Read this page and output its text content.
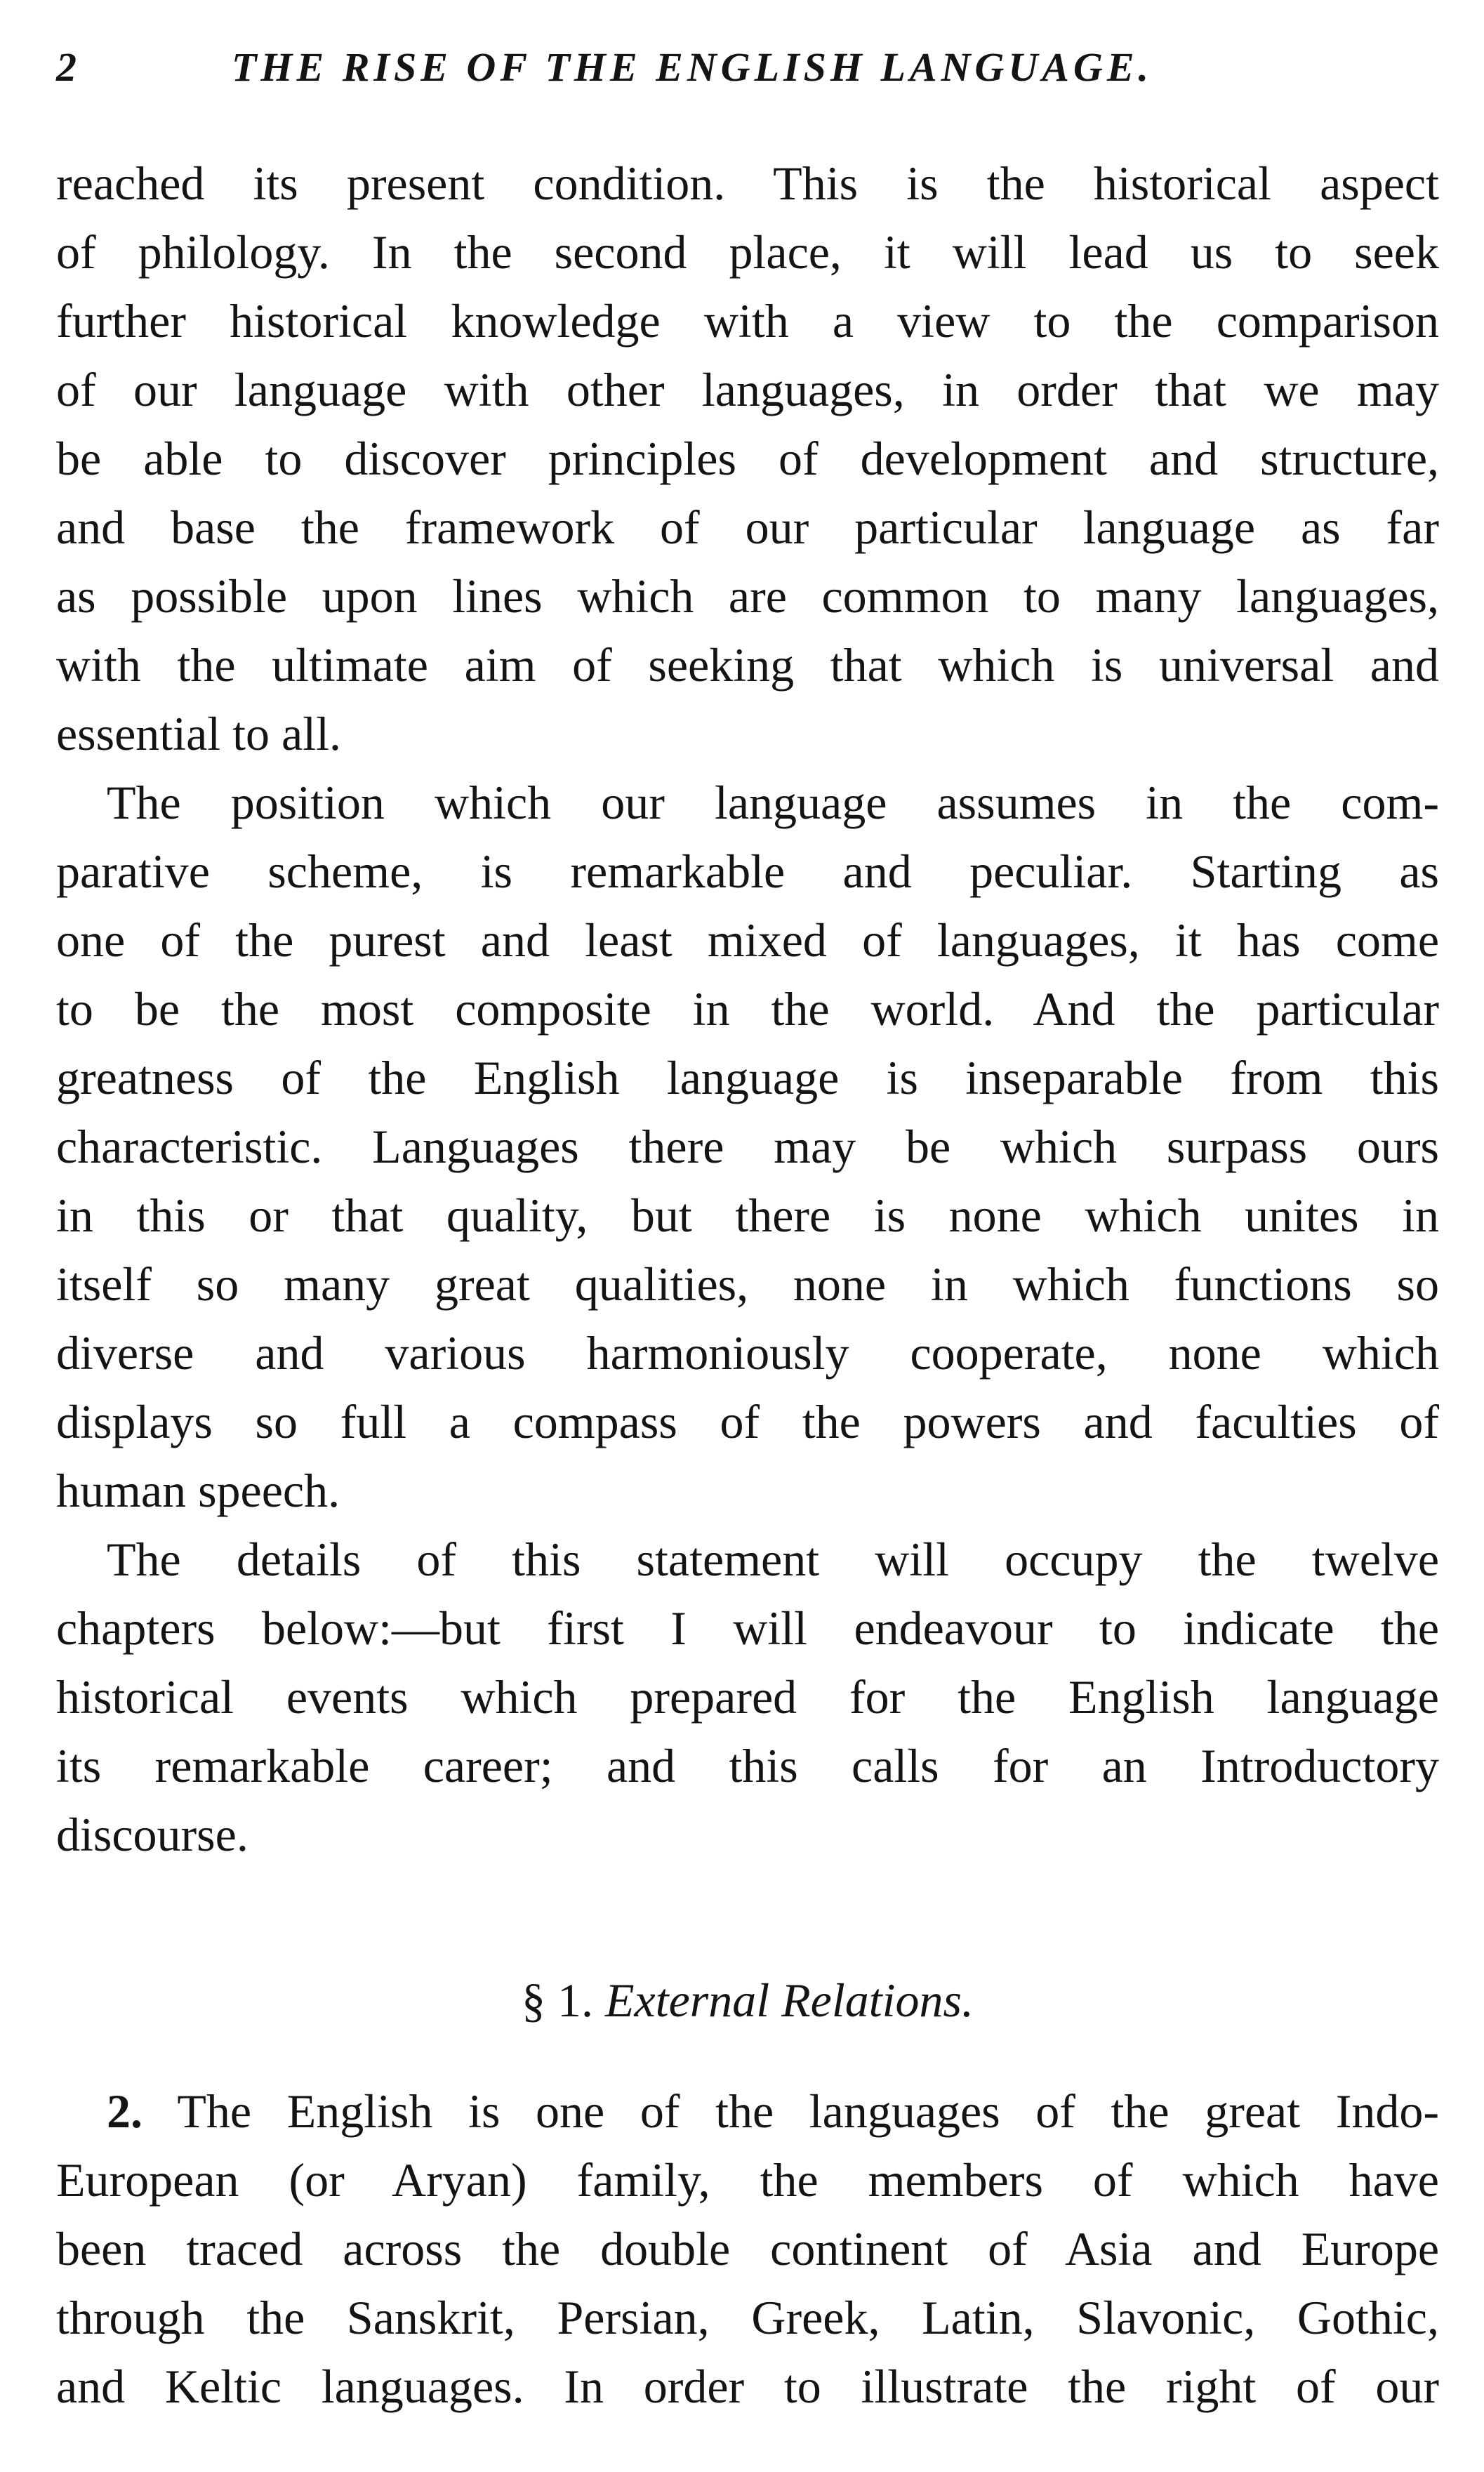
2	THE RISE OF THE ENGLISH LANGUAGE.
reached its present condition. This is the historical aspect
of philology. In the second place, it will lead us to seek
further historical knowledge with a view to the comparison
of our language with other languages, in order that we may
be able to discover principles of development and structure,
and base the framework of our particular language as far
as possible upon lines which are common to many languages,
with the ultimate aim of seeking that which is universal and
essential to all.
The position which our language assumes in the com-
parative scheme, is remarkable and peculiar. Starting as
one of the purest and least mixed of languages, it has come
to be the most composite in the world. And the particular
greatness of the English language is inseparable from this
characteristic. Languages there may be which surpass ours
in this or that quality, but there is none which unites in
itself so many great qualities, none in which functions so
diverse and various harmoniously cooperate, none which
displays so full a compass of the powers and faculties of
human speech.
The details of this statement will occupy the twelve
chapters below:—but first I will endeavour to indicate the
historical events which prepared for the English language
its remarkable career; and this calls for an Introductory
discourse.
§ 1. External Relations.
2. The English is one of the languages of the great Indo-
European (or Aryan) family, the members of which have
been traced across the double continent of Asia and Europe
through the Sanskrit, Persian, Greek, Latin, Slavonic, Gothic,
and Keltic languages. In order to illustrate the right of our
